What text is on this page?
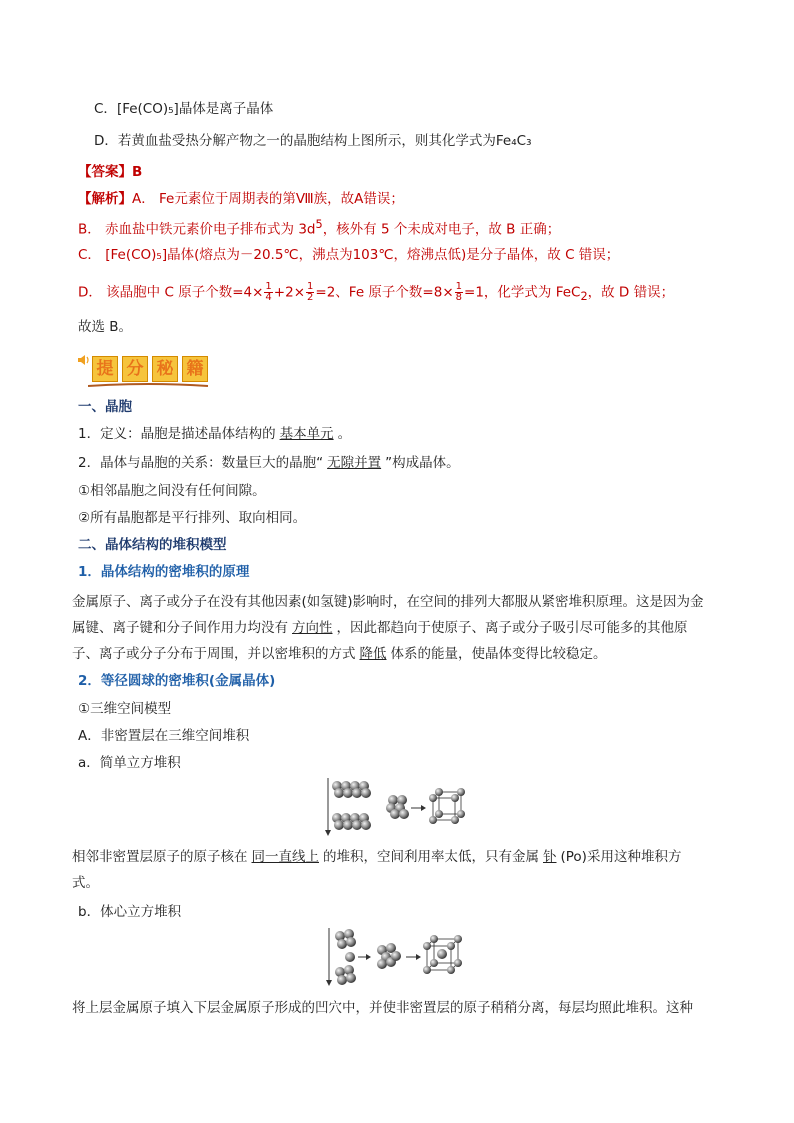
C．[Fe(CO)₅]晶体是离子晶体
D．若黄血盐受热分解产物之一的晶胞结构上图所示，则其化学式为Fe₄C₃
【答案】B
【解析】A． Fe元素位于周期表的第Ⅷ族，故A错误；
B． 赤血盐中铁元素价电子排布式为 $3d^5$，核外有 5 个未成对电子，故 B 正确；
C． [Fe(CO)₅]晶体(熔点为－20.5℃，沸点为103℃，熔沸点低)是分子晶体，故 C 错误；
D． 该晶胞中 C 原子个数$=4\times \frac{1}{4} +2\times \frac{1}{2} =2$、Fe 原子个数$=8\times \frac{1}{8} =1$，化学式为 FeC$_2$，故 D 错误；
故选 B。
提 分 秘 籍
一、晶胞
1．定义：晶胞是描述晶体结构的 基本单元 。
2．晶体与晶胞的关系：数量巨大的晶胞“ 无隙并置 ”构成晶体。
①相邻晶胞之间没有任何间隙。
②所有晶胞都是平行排列、取向相同。
二、晶体结构的堆积模型
1．晶体结构的密堆积的原理
金属原子、离子或分子在没有其他因素(如氢键)影响时，在空间的排列大都服从紧密堆积原理。这是因为金
属键、离子键和分子间作用力均没有 方向性 ，因此都趋向于使原子、离子或分子吸引尽可能多的其他原
子、离子或分子分布于周围，并以密堆积的方式 降低 体系的能量，使晶体变得比较稳定。
2．等径圆球的密堆积(金属晶体)
①三维空间模型
A．非密置层在三维空间堆积
a．简单立方堆积
相邻非密置层原子的原子核在 同一直线上 的堆积，空间利用率太低，只有金属 钋 (Po)采用这种堆积方
式。
b．体心立方堆积
将上层金属原子填入下层金属原子形成的凹穴中，并使非密置层的原子稍稍分离，每层均照此堆积。这种
